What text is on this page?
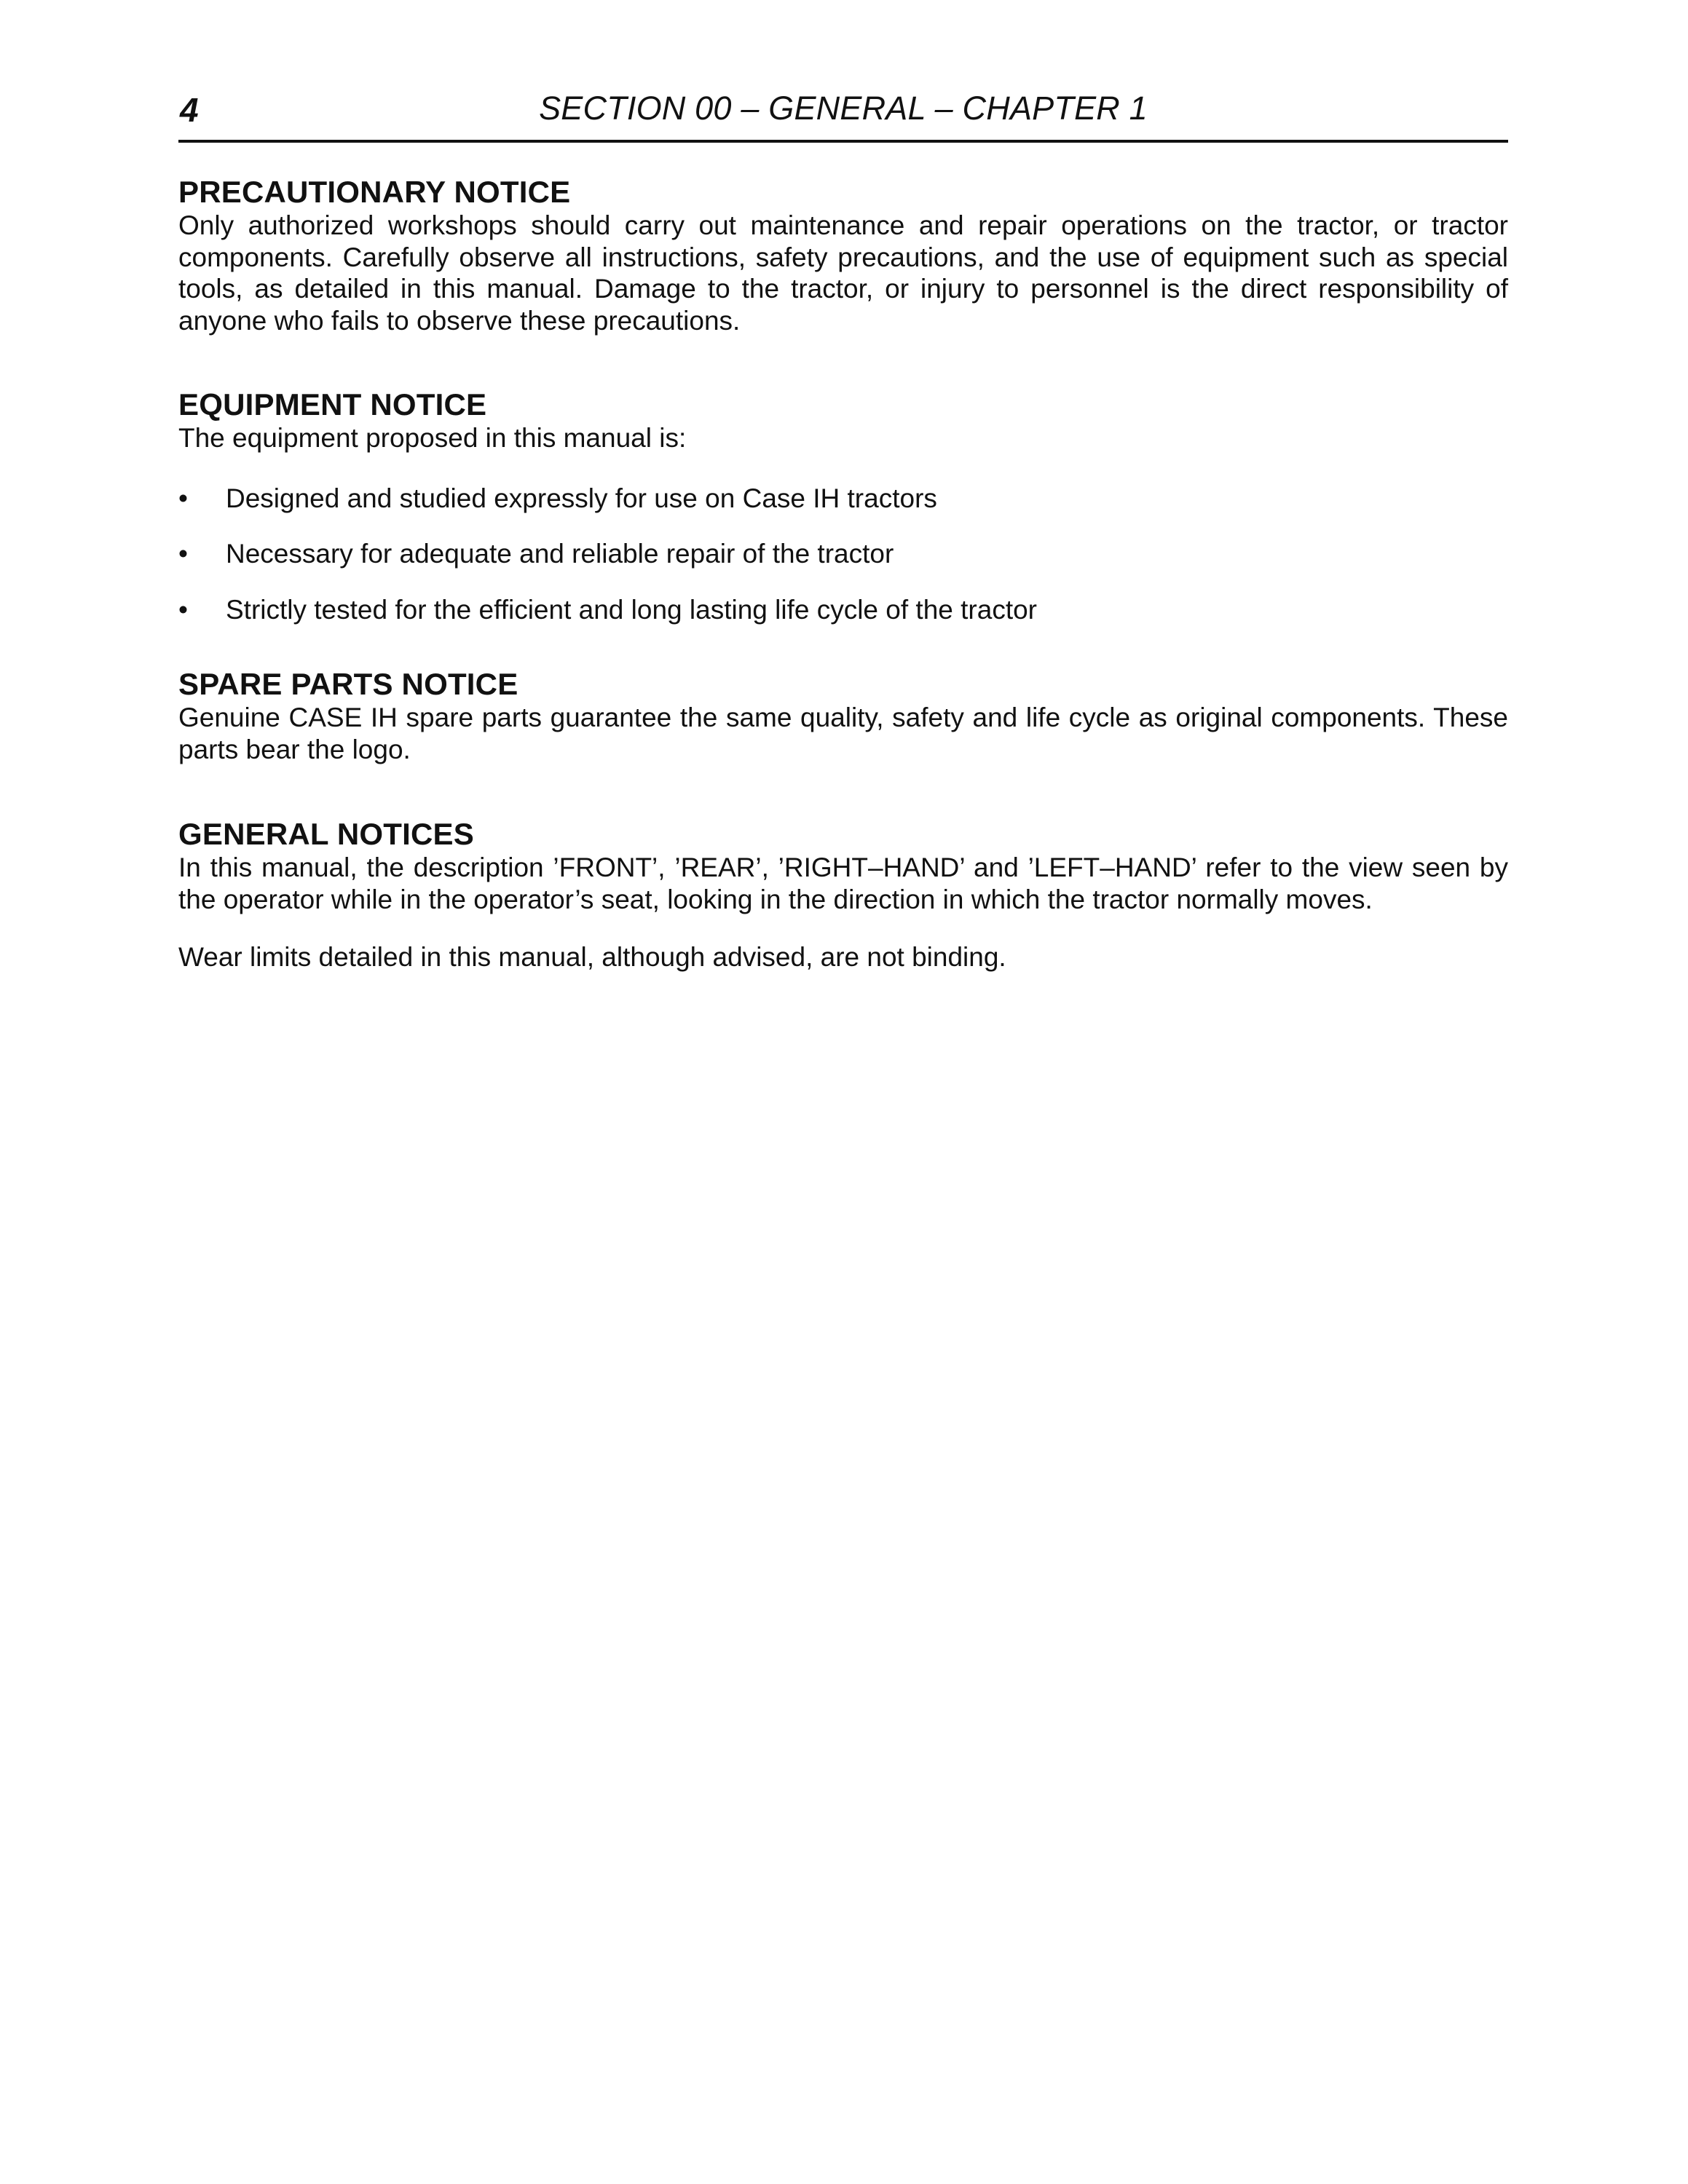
4	SECTION 00 – GENERAL – CHAPTER 1
PRECAUTIONARY NOTICE

Only authorized workshops should carry out maintenance and repair operations on the tractor, or tractor components. Carefully observe all instructions, safety precautions, and the use of equipment such as special tools, as detailed in this manual. Damage to the tractor, or injury to personnel is the direct responsibility of anyone who fails to observe these precautions.

EQUIPMENT NOTICE

The equipment proposed in this manual is:

• Designed and studied expressly for use on Case IH tractors
• Necessary for adequate and reliable repair of the tractor
• Strictly tested for the efficient and long lasting life cycle of the tractor
SPARE PARTS NOTICE

Genuine CASE IH spare parts guarantee the same quality, safety and life cycle as original components. These parts bear the logo.

GENERAL NOTICES

In this manual, the description ’FRONT’, ’REAR’, ’RIGHT–HAND’ and ’LEFT–HAND’ refer to the view seen by the operator while in the operator’s seat, looking in the direction in which the tractor normally moves.

Wear limits detailed in this manual, although advised, are not binding.
